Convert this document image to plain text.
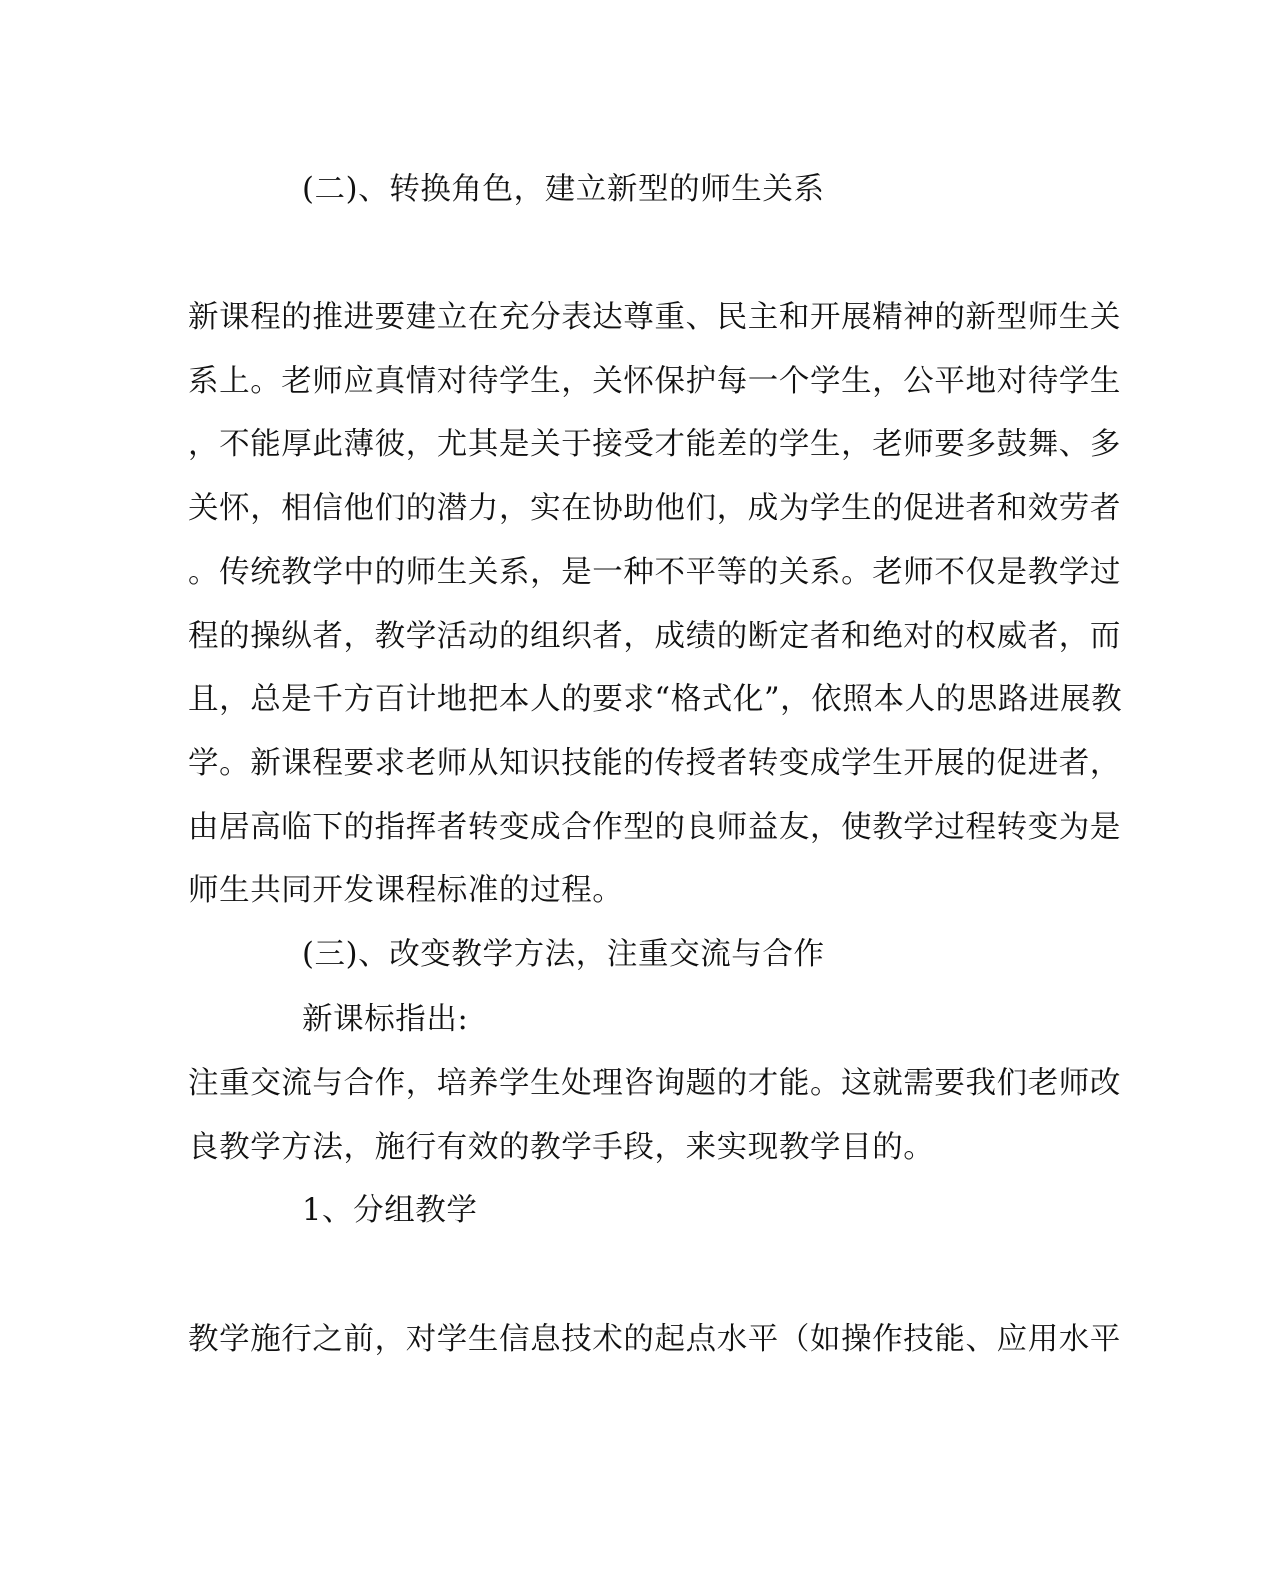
(二)、转换角色，建立新型的师生关系
新课程的推进要建立在充分表达尊重、民主和开展精神的新型师生关
系上。老师应真情对待学生，关怀保护每一个学生，公平地对待学生
，不能厚此薄彼，尤其是关于接受才能差的学生，老师要多鼓舞、多
关怀，相信他们的潜力，实在协助他们，成为学生的促进者和效劳者
。传统教学中的师生关系，是一种不平等的关系。老师不仅是教学过
程的操纵者，教学活动的组织者，成绩的断定者和绝对的权威者，而
且，总是千方百计地把本人的要求“格式化”，依照本人的思路进展教
学。新课程要求老师从知识技能的传授者转变成学生开展的促进者，
由居高临下的指挥者转变成合作型的良师益友，使教学过程转变为是
师生共同开发课程标准的过程。
(三)、改变教学方法，注重交流与合作
新课标指出:
注重交流与合作，培养学生处理咨询题的才能。这就需要我们老师改
良教学方法，施行有效的教学手段，来实现教学目的。
1、分组教学
教学施行之前，对学生信息技术的起点水平（如操作技能、应用水平
